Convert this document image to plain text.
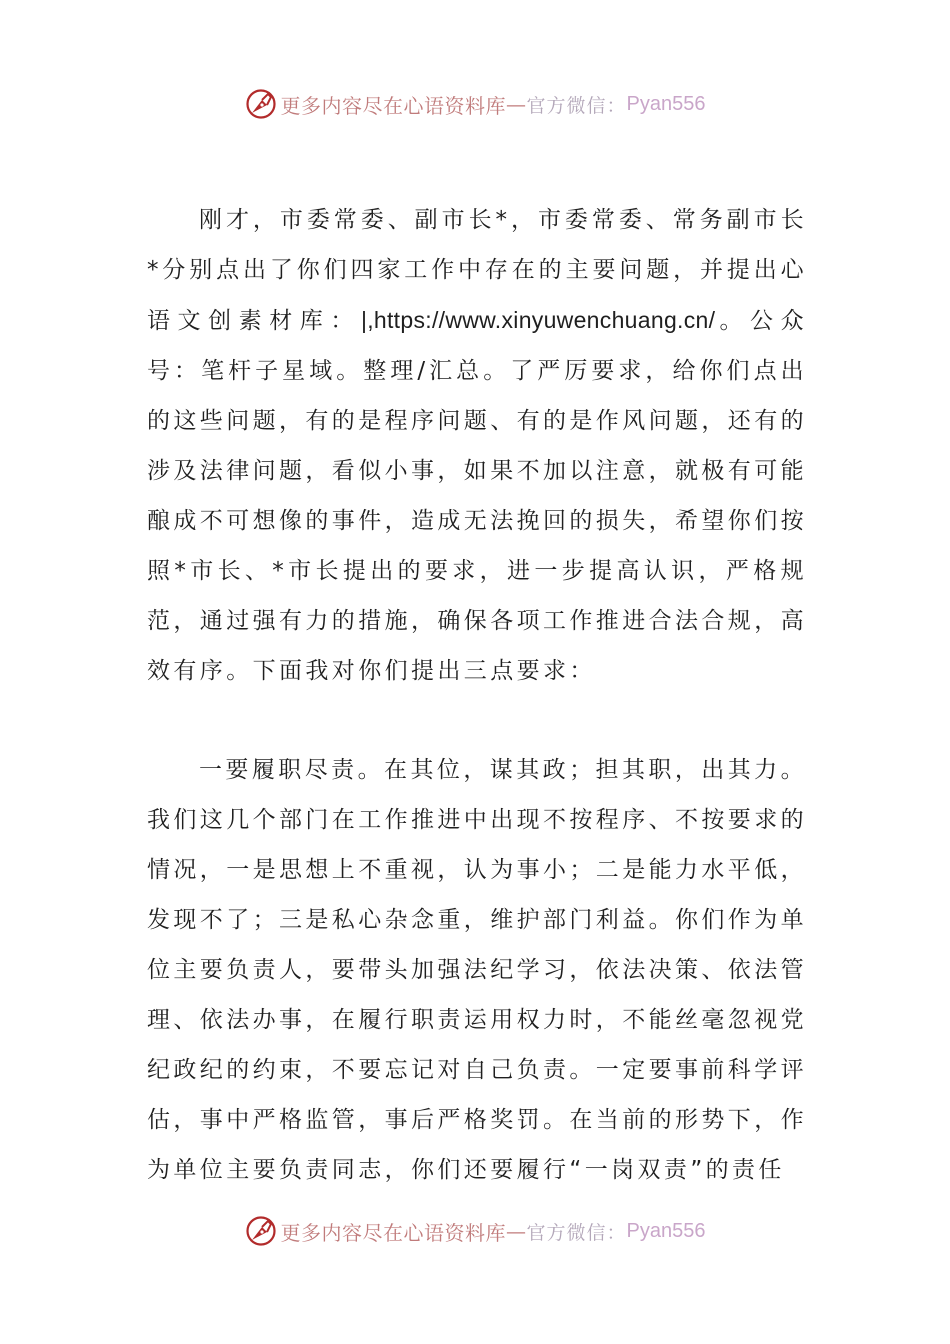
更多内容尽在心语资料库 — 官方微信： Pyan556

刚才，市委常委、副市长*，市委常委、常务副市长*分别点出了你们四家工作中存在的主要问题，并提出心语文创素材库：|,https://www.xinyuwenchuang.cn/。公众号：笔杆子星域。整理/汇总。了严厉要求，给你们点出的这些问题，有的是程序问题、有的是作风问题，还有的涉及法律问题，看似小事，如果不加以注意，就极有可能酿成不可想像的事件，造成无法挽回的损失，希望你们按照*市长、*市长提出的要求，进一步提高认识，严格规范，通过强有力的措施，确保各项工作推进合法合规，高效有序。下面我对你们提出三点要求：

一要履职尽责。在其位，谋其政；担其职，出其力。我们这几个部门在工作推进中出现不按程序、不按要求的情况，一是思想上不重视，认为事小；二是能力水平低，发现不了；三是私心杂念重，维护部门利益。你们作为单位主要负责人，要带头加强法纪学习，依法决策、依法管理、依法办事，在履行职责运用权力时，不能丝毫忽视党纪政纪的约束，不要忘记对自己负责。一定要事前科学评估，事中严格监管，事后严格奖罚。在当前的形势下，作为单位主要负责同志，你们还要履行“一岗双责”的责任

更多内容尽在心语资料库 — 官方微信： Pyan556
